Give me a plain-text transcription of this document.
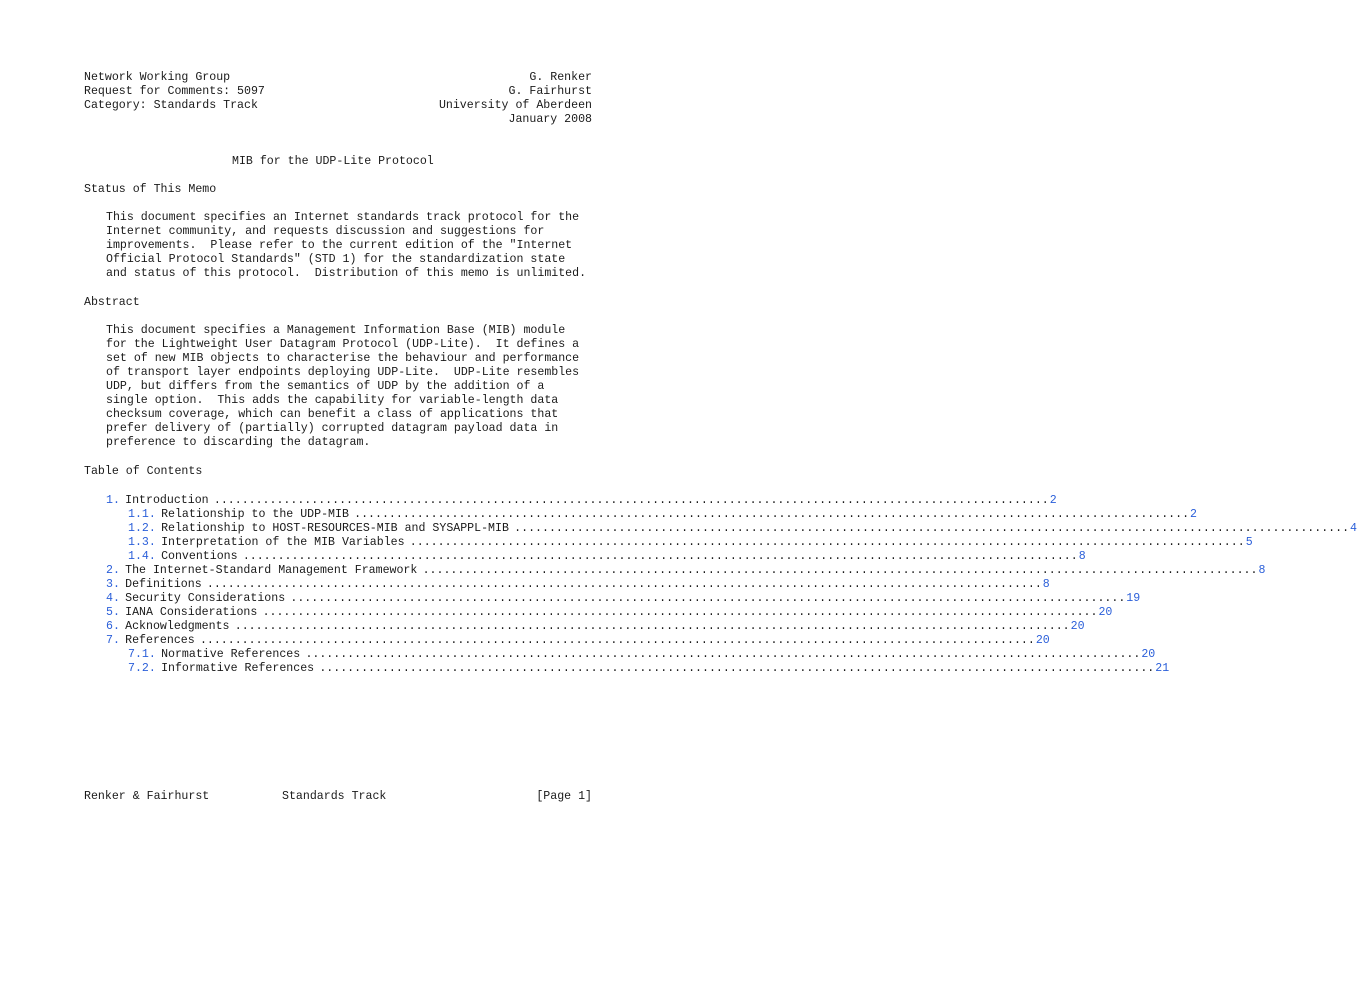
Network Working Group

Request for Comments: 5097

Category: Standards Track

G. Renker

G. Fairhurst

University of Aberdeen

January 2008

MIB for the UDP-Lite Protocol

Status of This Memo

This document specifies an Internet standards track protocol for the

Internet community, and requests discussion and suggestions for

improvements.  Please refer to the current edition of the "Internet

Official Protocol Standards" (STD 1) for the standardization state

and status of this protocol.  Distribution of this memo is unlimited.

Abstract

This document specifies a Management Information Base (MIB) module

for the Lightweight User Datagram Protocol (UDP-Lite).  It defines a

set of new MIB objects to characterise the behaviour and performance

of transport layer endpoints deploying UDP-Lite.  UDP-Lite resembles

UDP, but differs from the semantics of UDP by the addition of a

single option.  This adds the capability for variable-length data

checksum coverage, which can benefit a class of applications that

prefer delivery of (partially) corrupted datagram payload data in

preference to discarding the datagram.

Table of Contents

1. Introduction ........................................................................................................................ 2
1.1. Relationship to the UDP-MIB ........................................................................................................................ 2
1.2. Relationship to HOST-RESOURCES-MIB and SYSAPPL-MIB ........................................................................................................................ 4
1.3. Interpretation of the MIB Variables ........................................................................................................................ 5
1.4. Conventions ........................................................................................................................ 8
2. The Internet-Standard Management Framework ........................................................................................................................ 8
3. Definitions ........................................................................................................................ 8
4. Security Considerations ........................................................................................................................ 19
5. IANA Considerations ........................................................................................................................ 20
6. Acknowledgments ........................................................................................................................ 20
7. References ........................................................................................................................ 20
7.1. Normative References ........................................................................................................................ 20
7.2. Informative References ........................................................................................................................ 21

Renker & Fairhurst	Standards Track	[Page 1]
